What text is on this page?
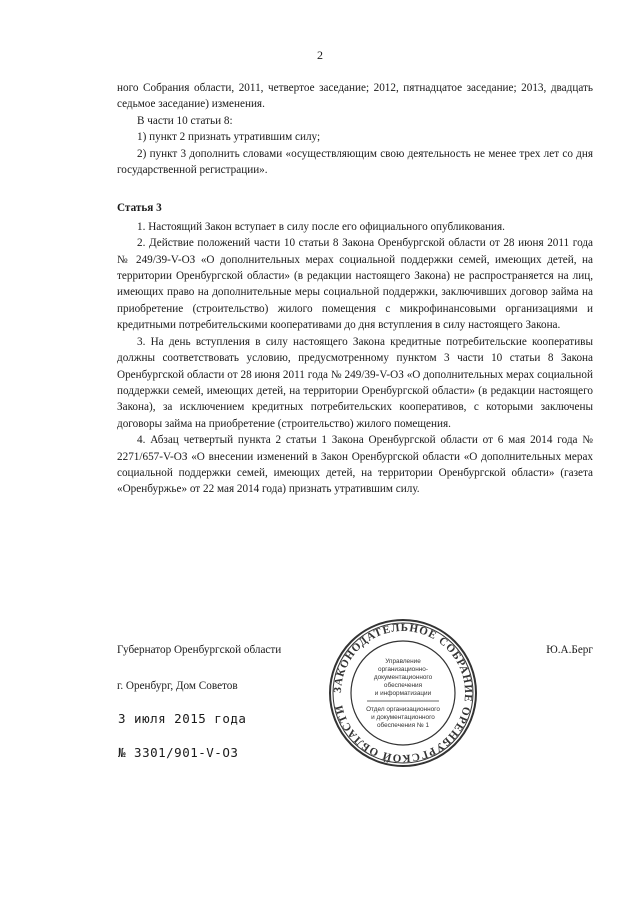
2

ного Собрания области, 2011, четвертое заседание; 2012, пятнадцатое заседание; 2013, двадцать седьмое заседание) изменения.

В части 10 статьи 8:

1) пункт 2 признать утратившим силу;

2) пункт 3 дополнить словами «осуществляющим свою деятельность не менее трех лет со дня государственной регистрации».

Статья 3

1. Настоящий Закон вступает в силу после его официального опубликования.

2. Действие положений части 10 статьи 8 Закона Оренбургской области от 28 июня 2011 года № 249/39-V-ОЗ «О дополнительных мерах социальной поддержки семей, имеющих детей, на территории Оренбургской области» (в редакции настоящего Закона) не распространяется на лиц, имеющих право на дополнительные меры социальной поддержки, заключивших договор займа на приобретение (строительство) жилого помещения с микрофинансовыми организациями и кредитными потребительскими кооперативами до дня вступления в силу настоящего Закона.

3. На день вступления в силу настоящего Закона кредитные потребительские кооперативы должны соответствовать условию, предусмотренному пунктом 3 части 10 статьи 8 Закона Оренбургской области от 28 июня 2011 года № 249/39-V-ОЗ «О дополнительных мерах социальной поддержки семей, имеющих детей, на территории Оренбургской области» (в редакции настоящего Закона), за исключением кредитных потребительских кооперативов, с которыми заключены договоры займа на приобретение (строительство) жилого помещения.

4. Абзац четвертый пункта 2 статьи 1 Закона Оренбургской области от 6 мая 2014 года № 2271/657-V-ОЗ «О внесении изменений в Закон Оренбургской области «О дополнительных мерах социальной поддержки семей, имеющих детей, на территории Оренбургской области» (газета «Оренбуржье» от 22 мая 2014 года) признать утратившим силу.

Губернатор Оренбургской области	Ю.А.Берг
г. Оренбург, Дом Советов
3 июля 2015 года
№ 3301/901-V-ОЗ
ЗАКОНОДАТЕЛЬНОЕ СОБРАНИЕ ОРЕНБУРГСКОЙ ОБЛАСТИ
Управление
организационно-
документационного
обеспечения
и информатизации
Отдел организационного
и документационного
обеспечения № 1
